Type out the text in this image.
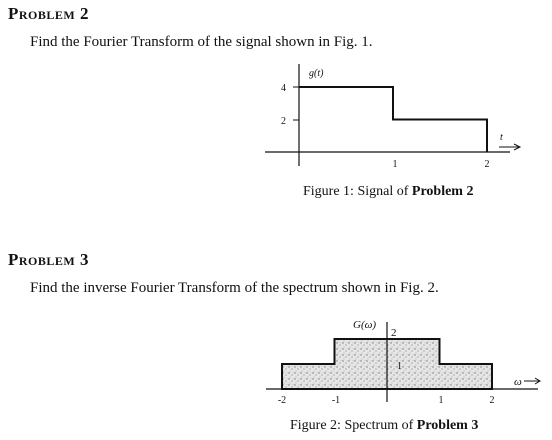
Problem 2
Find the Fourier Transform of the signal shown in Fig. 1.
4
2
1	2
g(t)
t
G(ω)
2
1
-2	-1	1	2
ω
Figure 1: Signal of Problem 2
Problem 3
Find the inverse Fourier Transform of the spectrum shown in Fig. 2.
Figure 2: Spectrum of Problem 3
